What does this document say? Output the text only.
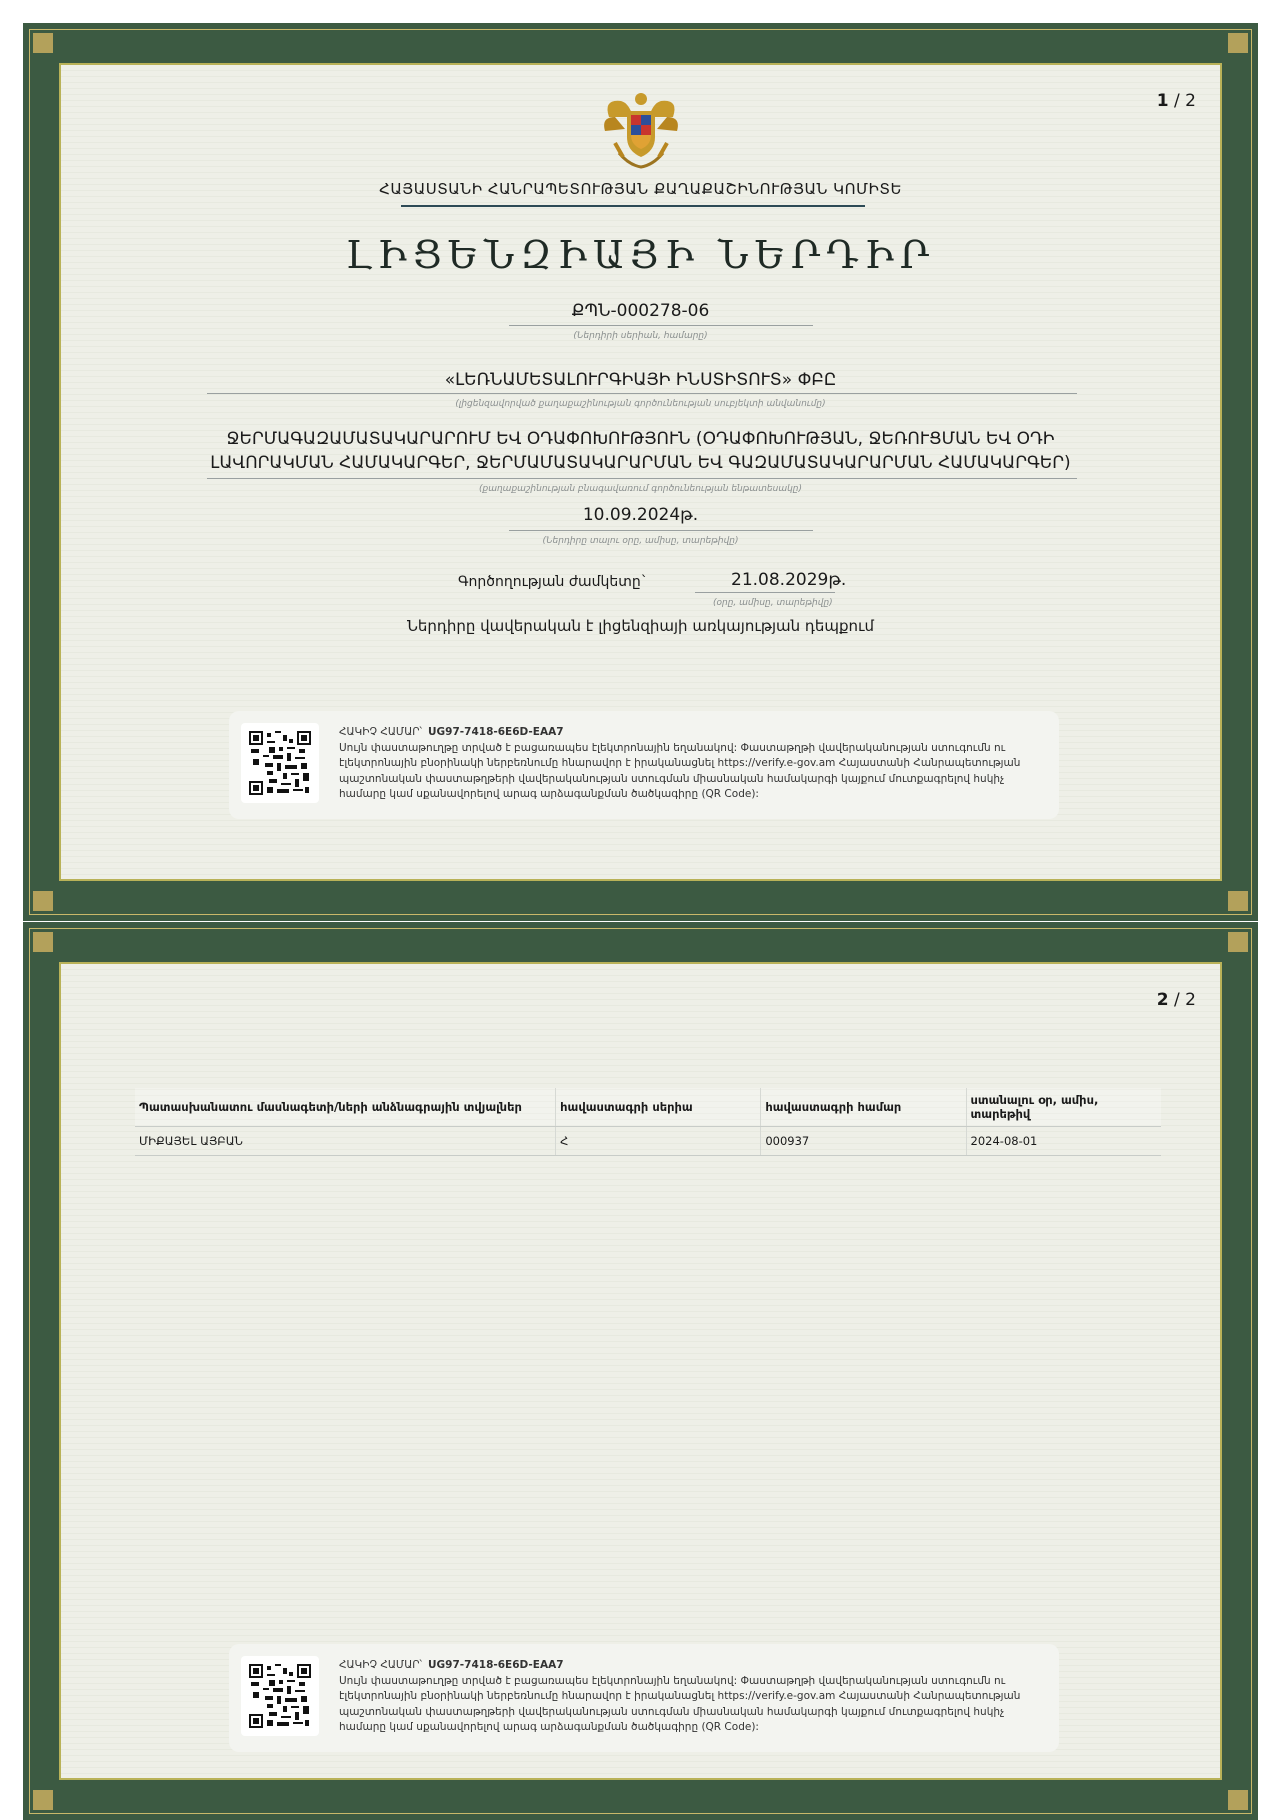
1 / 2
ՀԱՅԱՍՏԱՆԻ ՀԱՆՐԱՊԵՏՈՒԹՅԱՆ ՔԱՂԱՔԱՇԻՆՈՒԹՅԱՆ ԿՈՄԻՏԵ
ԼԻՑԵՆԶԻԱՅԻ ՆԵՐԴԻՐ
ՔՊՆ-000278-06
(Ներդիրի սերիան, համարը)
«ԼԵՌՆԱՄԵՏԱԼՈՒՐԳԻԱՅԻ ԻՆՍՏԻՏՈՒՏ» ՓԲԸ
(լիցենզավորված քաղաքաշինության գործունեության սուբյեկտի անվանումը)
ՋԵՐՄԱԳԱԶԱՄԱՏԱԿԱՐԱՐՈՒՄ ԵՎ ՕԴԱՓՈԽՈՒԹՅՈՒՆ (ՕԴԱՓՈԽՈՒԹՅԱՆ, ՋԵՌՈՒՑՄԱՆ ԵՎ ՕԴԻ
ԼԱՎՈՐԱԿՄԱՆ ՀԱՄԱԿԱՐԳԵՐ, ՋԵՐՄԱՄԱՏԱԿԱՐԱՐՄԱՆ ԵՎ ԳԱԶԱՄԱՏԱԿԱՐԱՐՄԱՆ ՀԱՄԱԿԱՐԳԵՐ)
(քաղաքաշինության բնագավառում գործունեության ենթատեսակը)
10.09.2024թ.
(Ներդիրը տալու օրը, ամիսը, տարեթիվը)
Գործողության ժամկետը`	21.08.2029թ.
(օրը, ամիսը, տարեթիվը)
Ներդիրը վավերական է լիցենզիայի առկայության դեպքում
ՀԱԿԻՉ ՀԱՄԱՐ՝ UG97-7418-6E6D-EAA7
Սույն փաստաթուղթը տրված է բացառապես էլեկտրոնային եղանակով: Փաստաթղթի վավերականության ստուգումն ու
էլեկտրոնային բնօրինակի ներբեռնումը հնարավոր է իրականացնել https://verify.e-gov.am Հայաստանի Հանրապետության
պաշտոնական փաստաթղթերի վավերականության ստուգման միասնական համակարգի կայքում մուտքագրելով հսկիչ
համարը կամ սքանավորելով արագ արձագանքման ծածկագիրը (QR Code):
2 / 2
Պատասխանատու մասնագետի/ների անձնագրային տվյալներ	հավաստագրի սերիա	հավաստագրի համար	ստանալու օր, ամիս, տարեթիվ
ՄԻՔԱՅԵԼ ԱՅԲԱՆ	Հ	000937	2024-08-01
ՀԱԿԻՉ ՀԱՄԱՐ՝ UG97-7418-6E6D-EAA7
Սույն փաստաթուղթը տրված է բացառապես էլեկտրոնային եղանակով: Փաստաթղթի վավերականության ստուգումն ու
էլեկտրոնային բնօրինակի ներբեռնումը հնարավոր է իրականացնել https://verify.e-gov.am Հայաստանի Հանրապետության
պաշտոնական փաստաթղթերի վավերականության ստուգման միասնական համակարգի կայքում մուտքագրելով հսկիչ
համարը կամ սքանավորելով արագ արձագանքման ծածկագիրը (QR Code):
